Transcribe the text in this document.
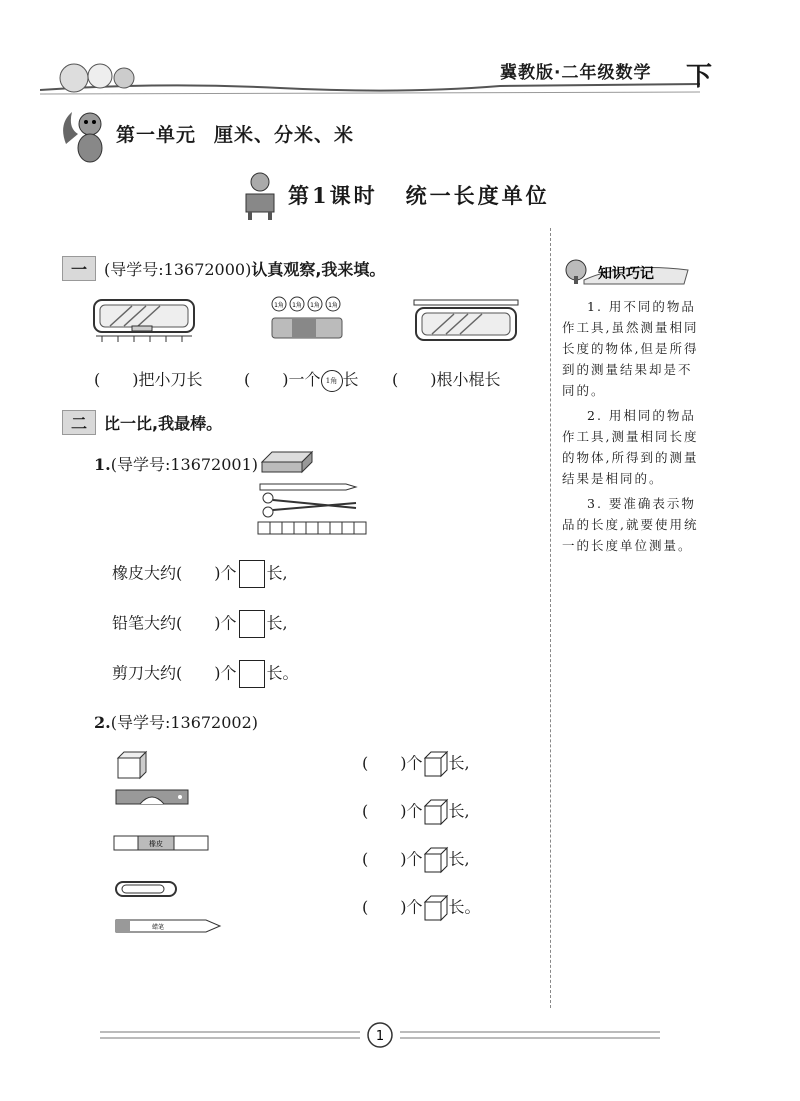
冀教版·二年级数学 下
第一单元 厘米、分米、米
第1课时 统一长度单位
一 (导学号:13672000)认真观察,我来填。
1角 1角 1角 1角
(　　)把小刀长	(　　)一个 1角 长 (　　)根小棍长
二 比一比,我最棒。
1.(导学号:13672001)
橡皮大约(　　)个 长,
铅笔大约(　　)个 长,
剪刀大约(　　)个 长。
2.(导学号:13672002)
橡皮
蜡笔
(　　)个 长,
(　　)个 长,
(　　)个 长,
(　　)个 长。
知识巧记

1. 用不同的物品作工具,虽然测量相同长度的物体,但是所得到的测量结果却是不同的。

2. 用相同的物品作工具,测量相同长度的物体,所得到的测量结果是相同的。

3. 要准确表示物品的长度,就要使用统一的长度单位测量。

1
